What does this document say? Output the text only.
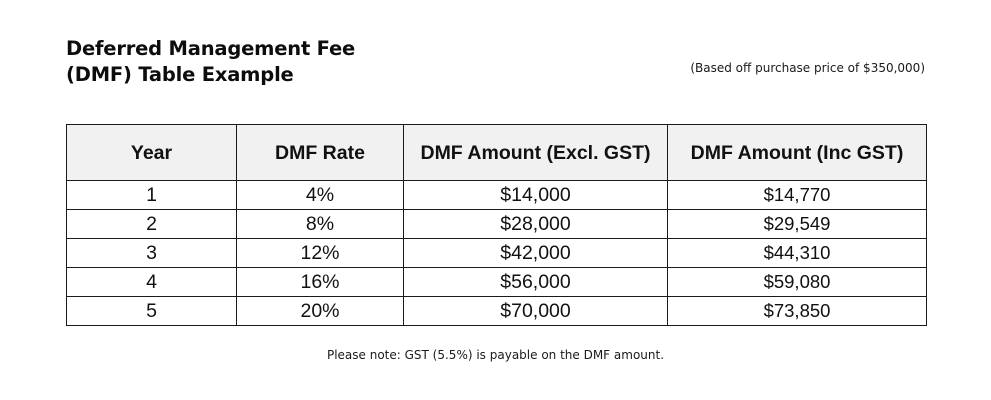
Deferred Management Fee
(DMF) Table Example	(Based off purchase price of $350,000)
Year	DMF Rate	DMF Amount (Excl. GST)	DMF Amount (Inc GST)
1	4%	$14,000	$14,770
2	8%	$28,000	$29,549
3	12%	$42,000	$44,310
4	16%	$56,000	$59,080
5	20%	$70,000	$73,850
Please note: GST (5.5%) is payable on the DMF amount.
